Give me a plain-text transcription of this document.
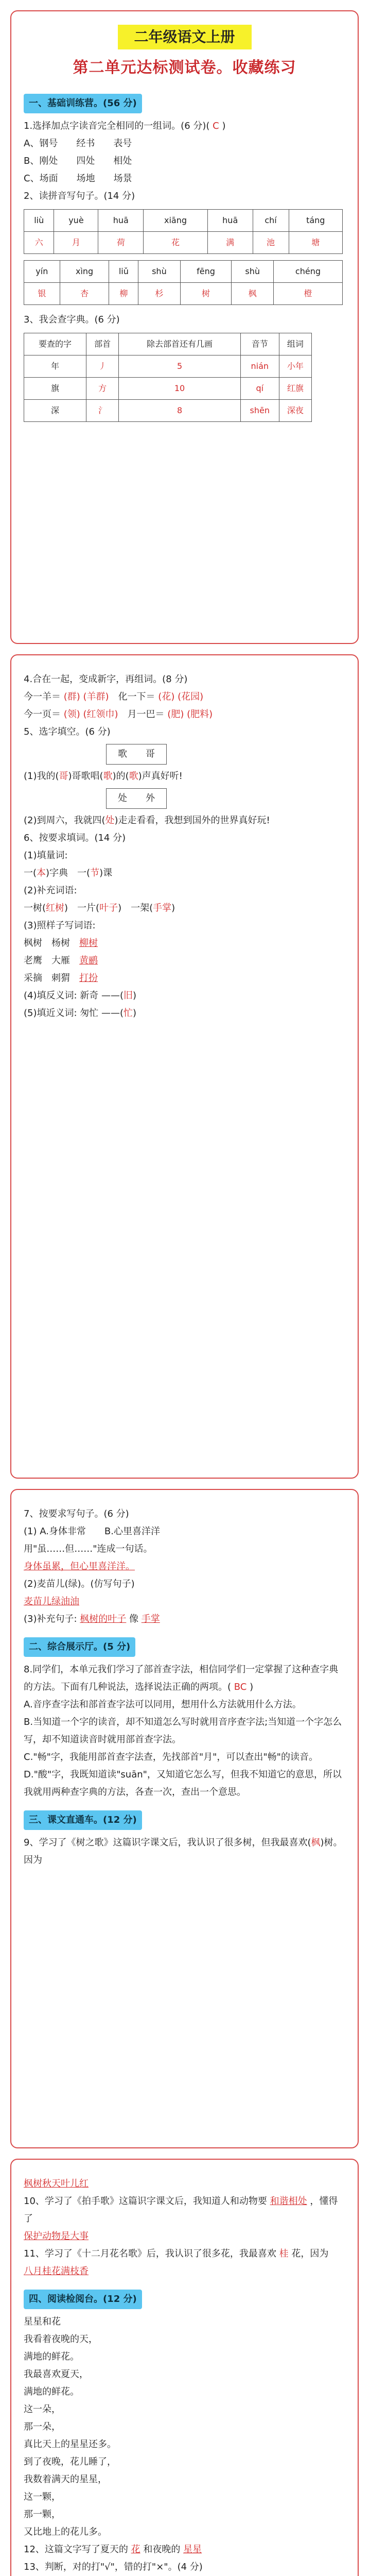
二年级语文上册
第二单元达标测试卷。收藏练习
一、基础训练营。(56 分)
1.选择加点字读音完全相同的一组词。(6 分)( C )
A、钢号　　经书　　表号
B、刚处　　四处　　相处
C、场面　　场地　　场景
2、读拼音写句子。(14 分)
liù	yuè	huā	xiāng	huā	chí	táng
六	月	荷	花	满	池	塘
yín	xìng	liǔ	shù	fēng	shù	chéng
银	杏	柳	杉	树	枫	橙
3、我会查字典。(6 分)
要查的字	部首	除去部首还有几画	音节	组词
年	丿	5	nián	小年
旗	方	10	qí	红旗
深	氵	8	shēn	深夜
4.合在一起，变成新字，再组词。(8 分)
今一羊＝ (群) (羊群)　 化一下＝ (花) (花园)
今一页＝ (领) (红领巾)　 月一巴＝ (肥) (肥料)
5、选字填空。(6 分)
歌　　哥
(1)我的(哥)哥歌唱(歌)的(歌)声真好听!
处　　外
(2)到周六，我就四(处)走走看看，我想到国外的世界真好玩!
6、按要求填词。(14 分)
(1)填量词:
一(本)字典　一(节)课
(2)补充词语:
一树(红树)　一片(叶子)　一架(手掌)
(3)照样子写词语:
枫树　 杨树　 柳树
老鹰　 大雁　 黄鹂
采摘　 刺猬　 打扮
(4)填反义词: 新奇 ——(旧)
(5)填近义词: 匆忙 ——(忙)
7、按要求写句子。(6 分)
(1) A.身体非常　　B.心里喜洋洋
用"虽……但……"连成一句话。
身体虽累，但心里喜洋洋。
(2)麦苗儿(绿)。(仿写句子)
麦苗儿绿油油
(3)补充句子: 枫树的叶子 像 手掌
二、综合展示厅。(5 分)
8.同学们，本单元我们学习了部首查字法，相信同学们一定掌握了这种查字典的方法。下面有几种说法，选择说法正确的两项。( BC )
A.音序查字法和部首查字法可以同用，想用什么方法就用什么方法。
B.当知道一个字的读音，却不知道怎么写时就用音序查字法;当知道一个字怎么写，却不知道读音时就用部首查字法。
C."畅"字，我能用部首查字法查，先找部首"月"，可以查出"畅"的读音。
D."酸"字，我既知道读"suān"，又知道它怎么写，但我不知道它的意思，所以我就用两种查字典的方法，各查一次，查出一个意思。
三、课文直通车。(12 分)
9、学习了《树之歌》这篇识字课文后，我认识了很多树，但我最喜欢(枫)树。因为
枫树秋天叶儿红
10、学习了《拍手歌》这篇识字课文后，我知道人和动物要 和谐相处 ，懂得了
保护动物是大事
11、学习了《十二月花名歌》后，我认识了很多花，我最喜欢 桂 花，因为
八月桂花满枝香
四、阅读检阅台。(12 分)
星星和花
我看着夜晚的天，
满地的鲜花。
我最喜欢夏天，
满地的鲜花。
这一朵，
那一朵，
真比天上的星星还多。
到了夜晚，花儿睡了，
我数着满天的星星，
这一颗，
那一颗，
又比地上的花儿多。
12、这篇文字写了夏天的 花 和夜晚的 星星
13、判断，对的打"√"，错的打"×"。(4 分)
